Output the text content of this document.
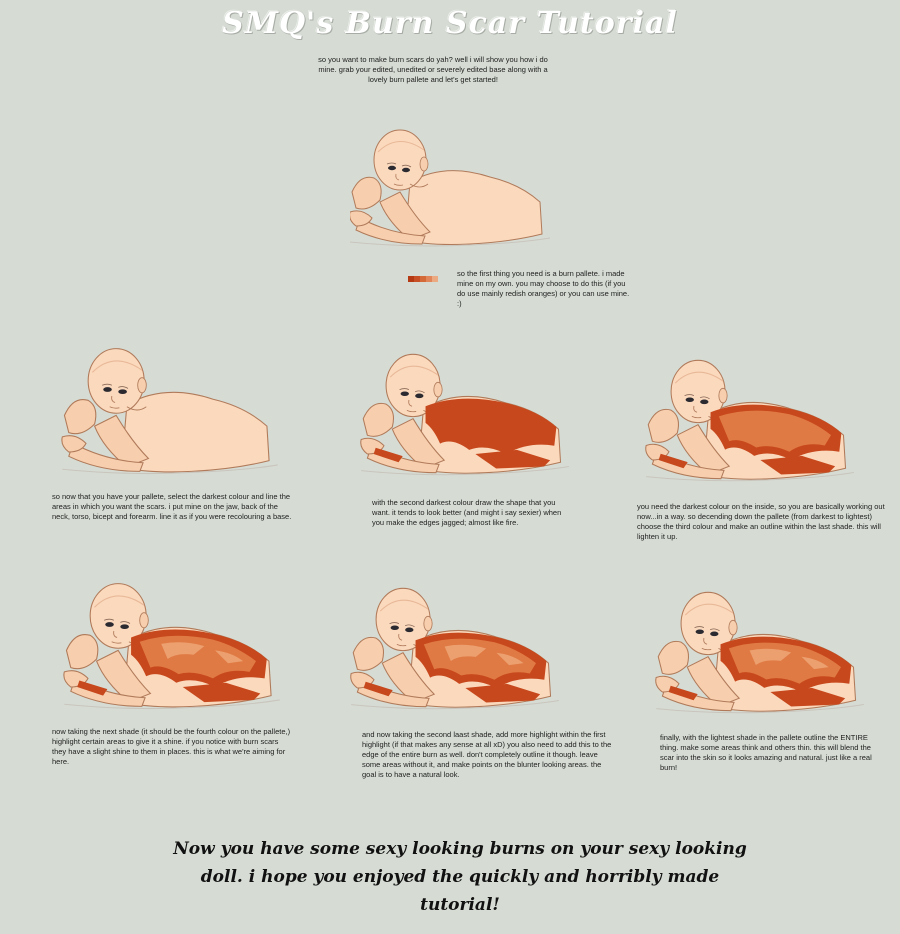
SMQ's Burn Scar Tutorial
so you want to make burn scars do yah? well i will show you how i do mine. grab your edited, unedited or severely edited base along with a lovely burn pallete and let's get started!
so the first thing you need is a burn pallete. i made mine on my own. you may choose to do this (if you do use mainly redish oranges) or you can use mine. :)
so now that you have your pallete, select the darkest colour and line the areas in which you want the scars. i put mine on the jaw, back of the neck, torso, bicept and forearm. line it as if you were recolouring a base.
with the second darkest colour draw the shape that you want. it tends to look better (and might i say sexier) when you make the edges jagged; almost like fire.
you need the darkest colour on the inside, so you are basically working out now...in a way. so decending down the pallete (from darkest to lightest) choose the third colour and make an outline within the last shade. this will lighten it up.
now taking the next shade (it should be the fourth colour on the pallete,) highlight certain areas to give it a shine. if you notice with burn scars they have a slight shine to them in places. this is what we're aiming for here.
and now taking the second laast shade, add more highlight within the first highlight (if that makes any sense at all xD) you also need to add this to the edge of the entire burn as well. don't completely outline it though. leave some areas without it, and make points on the blunter looking areas. the goal is to have a natural look.
finally, with the lightest shade in the pallete outline the ENTIRE thing. make some areas think and others thin. this will blend the scar into the skin so it looks amazing and natural. just like a real burn!
Now you have some sexy looking burns on your sexy looking doll. i hope you enjoyed the quickly and horribly made tutorial!
